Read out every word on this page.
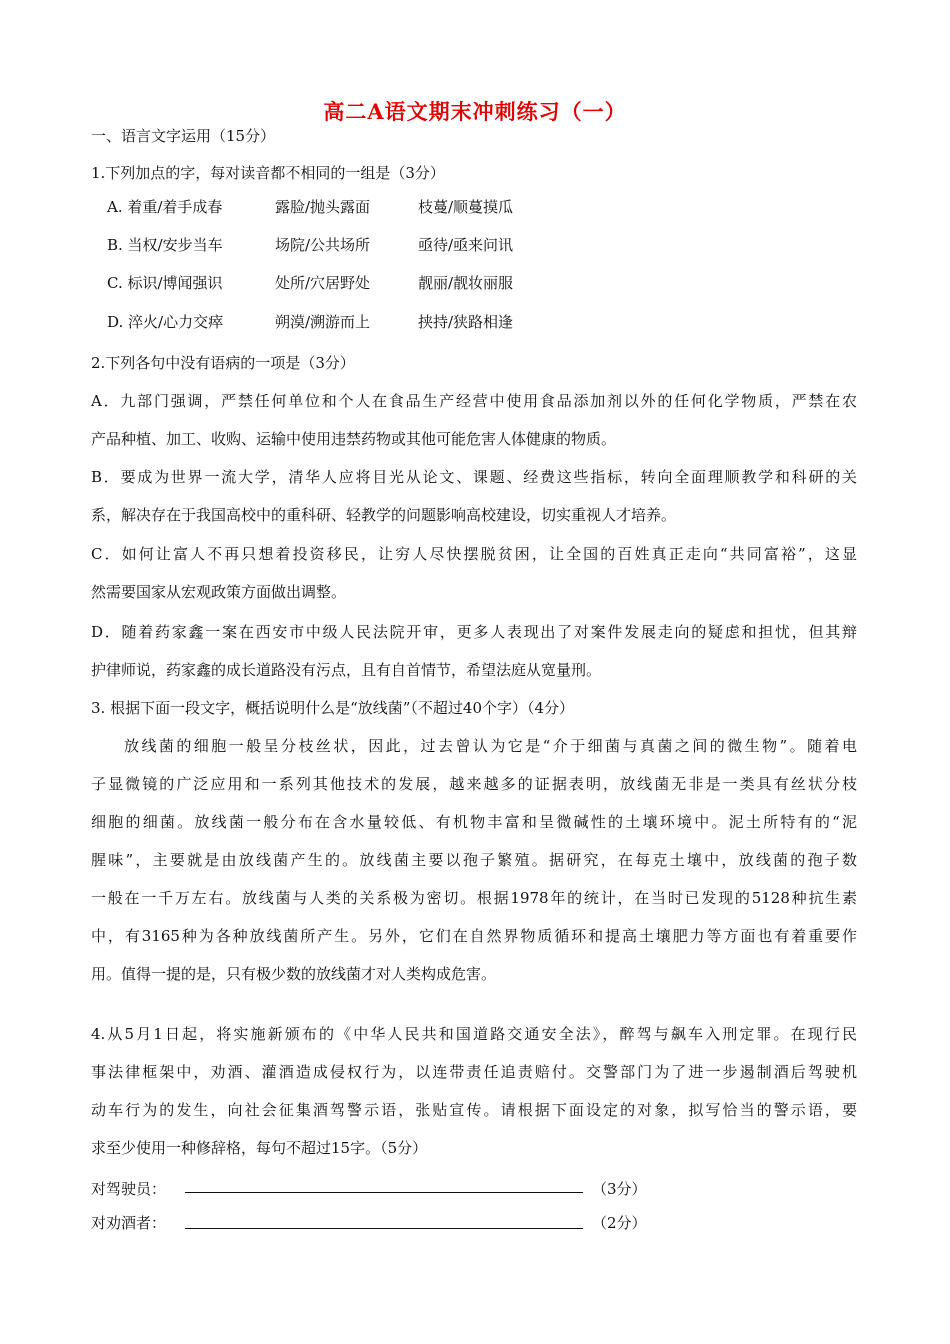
高二A语文期末冲刺练习（一）
一、语言文字运用（15分）
1.下列加点的字，每对读音都不相同的一组是（3分）
A. 着重/着手成春	露脸/抛头露面	枝蔓/顺蔓摸瓜
B. 当权/安步当车	场院/公共场所	亟待/亟来问讯
C. 标识/博闻强识	处所/穴居野处	靓丽/靓妆丽服
D. 淬火/心力交瘁	朔漠/溯游而上	挟持/狭路相逢
2.下列各句中没有语病的一项是（3分）

A．九部门强调，严禁任何单位和个人在食品生产经营中使用食品添加剂以外的任何化学物质，严禁在农

产品种植、加工、收购、运输中使用违禁药物或其他可能危害人体健康的物质。

B．要成为世界一流大学，清华人应将目光从论文、课题、经费这些指标，转向全面理顺教学和科研的关

系，解决存在于我国高校中的重科研、轻教学的问题影响高校建设，切实重视人才培养。

C．如何让富人不再只想着投资移民，让穷人尽快摆脱贫困，让全国的百姓真正走向“共同富裕”，这显

然需要国家从宏观政策方面做出调整。

D．随着药家鑫一案在西安市中级人民法院开审，更多人表现出了对案件发展走向的疑虑和担忧，但其辩

护律师说，药家鑫的成长道路没有污点，且有自首情节，希望法庭从宽量刑。

3. 根据下面一段文字，概括说明什么是“放线菌”（不超过40个字）（4分）

放线菌的细胞一般呈分枝丝状，因此，过去曾认为它是“介于细菌与真菌之间的微生物”。随着电

子显微镜的广泛应用和一系列其他技术的发展，越来越多的证据表明，放线菌无非是一类具有丝状分枝

细胞的细菌。放线菌一般分布在含水量较低、有机物丰富和呈微碱性的土壤环境中。泥土所特有的“泥

腥味”，主要就是由放线菌产生的。放线菌主要以孢子繁殖。据研究，在每克土壤中，放线菌的孢子数

一般在一千万左右。放线菌与人类的关系极为密切。根据1978年的统计，在当时已发现的5128种抗生素

中，有3165种为各种放线菌所产生。另外，它们在自然界物质循环和提高土壤肥力等方面也有着重要作

用。值得一提的是，只有极少数的放线菌才对人类构成危害。

4.从5月1日起，将实施新颁布的《中华人民共和国道路交通安全法》，醉驾与飙车入刑定罪。在现行民

事法律框架中，劝酒、灌酒造成侵权行为，以连带责任追责赔付。交警部门为了进一步遏制酒后驾驶机

动车行为的发生，向社会征集酒驾警示语，张贴宣传。请根据下面设定的对象，拟写恰当的警示语，要

求至少使用一种修辞格，每句不超过15字。（5分）

对驾驶员：	（3分）
对劝酒者：	（2分）
